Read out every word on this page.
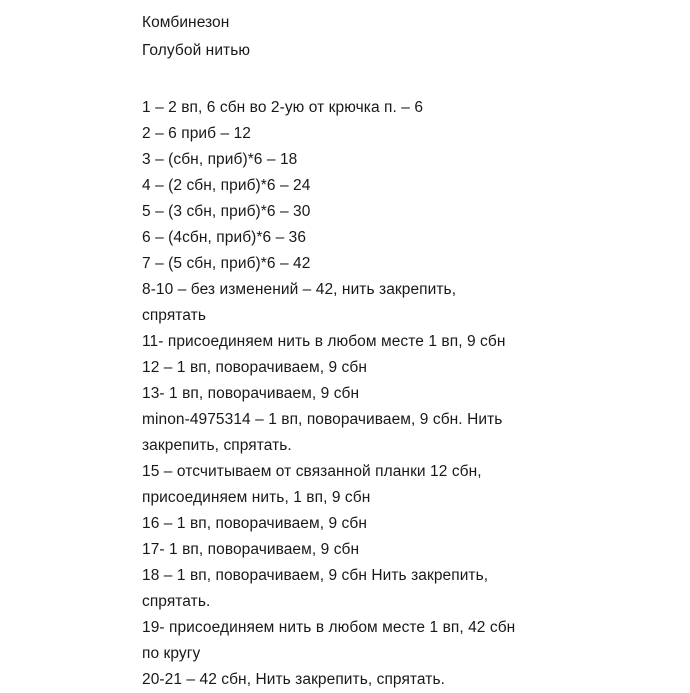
Комбинезон
Голубой нитью
1 – 2 вп, 6 сбн во 2-ую от крючка п. – 6
2 – 6 приб – 12
3 – (сбн, приб)*6 – 18
4 – (2 сбн, приб)*6 – 24
5 – (3 сбн, приб)*6 – 30
6 – (4сбн, приб)*6 – 36
7 – (5 сбн, приб)*6 – 42
8-10 – без изменений – 42, нить закрепить,
спрятать
11- присоединяем нить в любом месте 1 вп, 9 сбн
12 – 1 вп, поворачиваем, 9 сбн
13- 1 вп, поворачиваем, 9 сбн
minon-4975314 – 1 вп, поворачиваем, 9 сбн. Нить
закрепить, спрятать.
15 – отсчитываем от связанной планки 12 сбн,
присоединяем нить, 1 вп, 9 сбн
16 – 1 вп, поворачиваем, 9 сбн
17- 1 вп, поворачиваем, 9 сбн
18 – 1 вп, поворачиваем, 9 сбн Нить закрепить,
спрятать.
19- присоединяем нить в любом месте 1 вп, 42 сбн
по кругу
20-21 – 42 сбн, Нить закрепить, спрятать.
